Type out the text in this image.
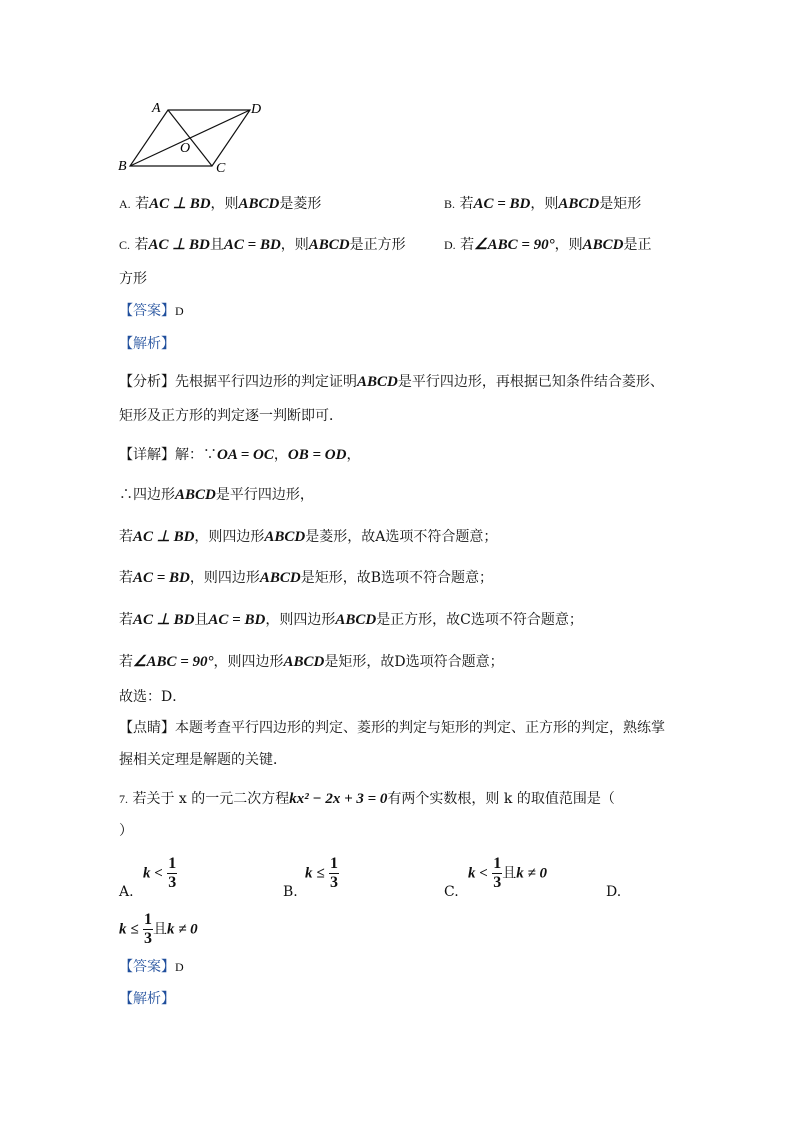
A	D
O
B	C
A. 若AC ⊥ BD，则ABCD是菱形	B. 若AC = BD，则ABCD是矩形
C. 若AC ⊥ BD且AC = BD，则ABCD是正方形	D. 若∠ABC = 90°，则ABCD是正
方形
【答案】D
【解析】
【分析】先根据平行四边形的判定证明ABCD是平行四边形，再根据已知条件结合菱形、
矩形及正方形的判定逐一判断即可．
【详解】解：∵OA = OC，OB = OD，
∴四边形ABCD是平行四边形，
若AC ⊥ BD，则四边形ABCD是菱形，故A选项不符合题意；
若AC = BD，则四边形ABCD是矩形，故B选项不符合题意；
若AC ⊥ BD且AC = BD，则四边形ABCD是正方形，故C选项不符合题意；
若∠ABC = 90°，则四边形ABCD是矩形，故D选项符合题意；
故选：D．
【点睛】本题考查平行四边形的判定、菱形的判定与矩形的判定、正方形的判定，熟练掌
握相关定理是解题的关键．
7. 若关于 x 的一元二次方程kx² − 2x + 3 = 0有两个实数根，则 k 的取值范围是（
）
A.
$k < \frac{1}{3}$
B.
$k \le \frac{1}{3}$
C.
$k < \frac{1}{3}$ 且k ≠ 0
D.
$k \le \frac{1}{3}$ 且k ≠ 0
【答案】D
【解析】
